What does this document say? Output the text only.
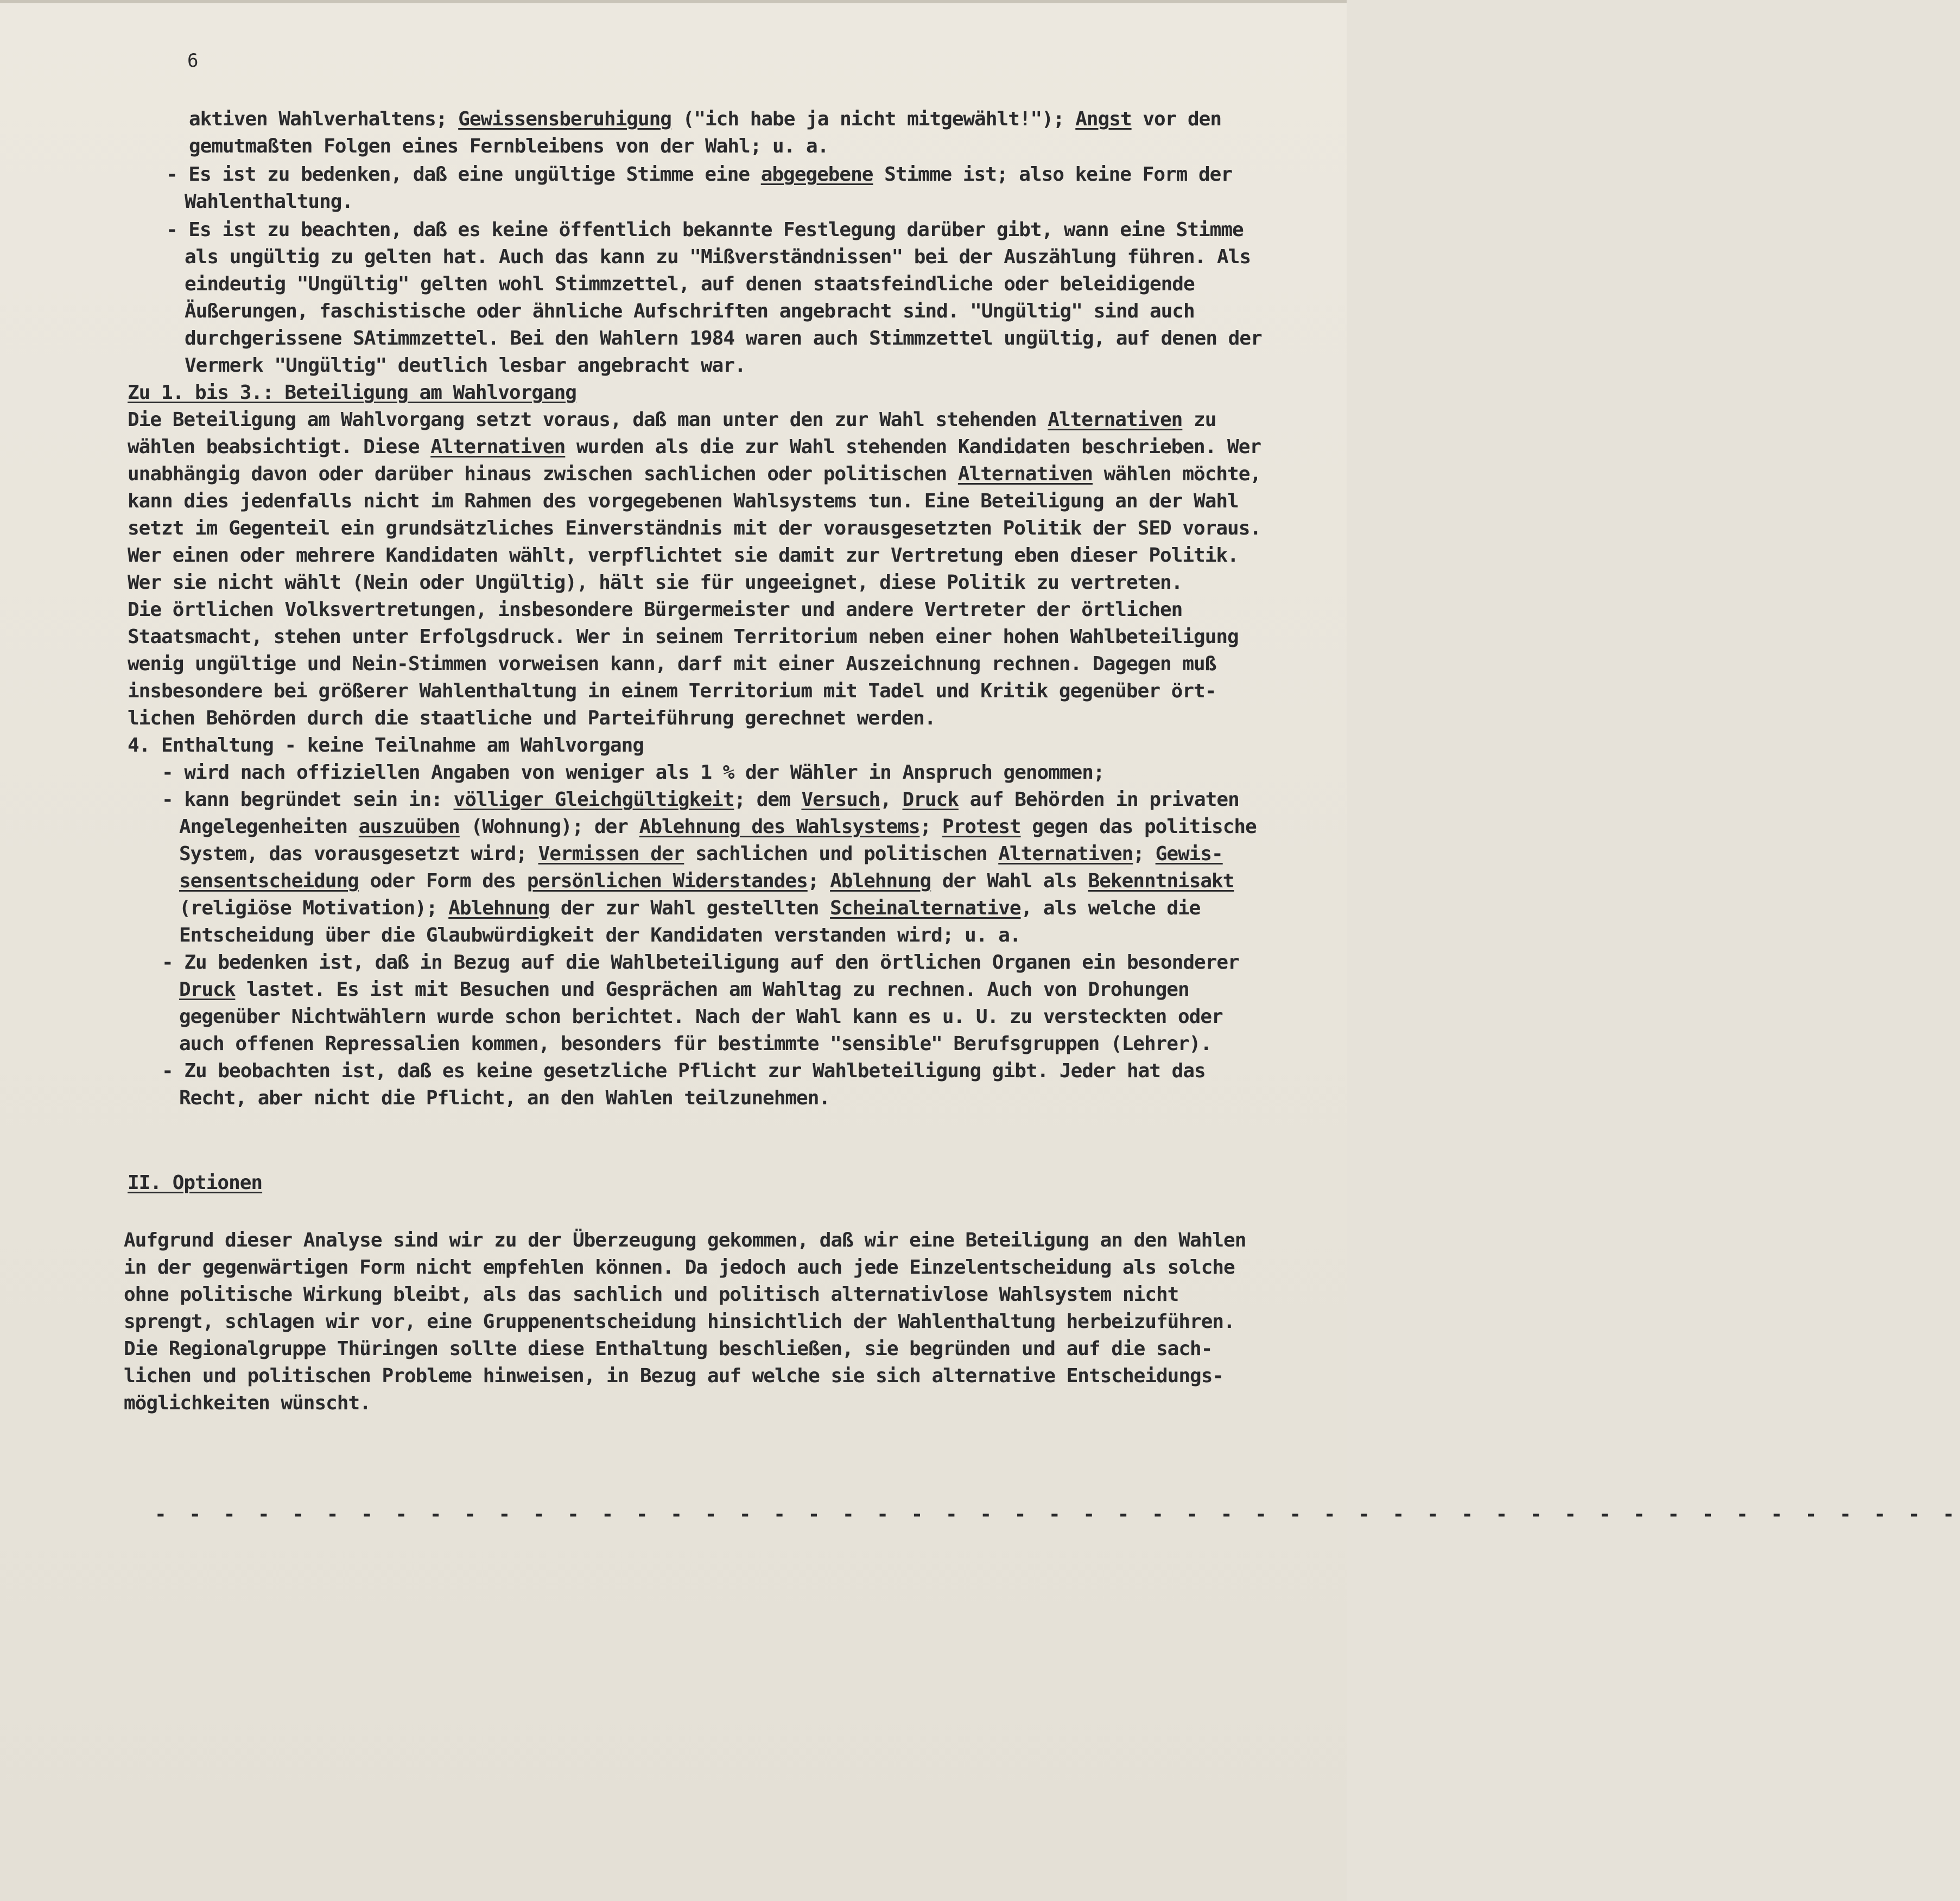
6
aktiven Wahlverhaltens; Gewissensberuhigung ("ich habe ja nicht mitgewählt!"); Angst vor den
gemutmaßten Folgen eines Fernbleibens von der Wahl; u. a.
- Es ist zu bedenken, daß eine ungültige Stimme eine abgegebene Stimme ist; also keine Form der
Wahlenthaltung.
- Es ist zu beachten, daß es keine öffentlich bekannte Festlegung darüber gibt, wann eine Stimme
als ungültig zu gelten hat. Auch das kann zu "Mißverständnissen" bei der Auszählung führen. Als
eindeutig "Ungültig" gelten wohl Stimmzettel, auf denen staatsfeindliche oder beleidigende
Äußerungen, faschistische oder ähnliche Aufschriften angebracht sind. "Ungültig" sind auch
durchgerissene SAtimmzettel. Bei den Wahlern 1984 waren auch Stimmzettel ungültig, auf denen der
Vermerk "Ungültig" deutlich lesbar angebracht war.
Zu 1. bis 3.: Beteiligung am Wahlvorgang
Die Beteiligung am Wahlvorgang setzt voraus, daß man unter den zur Wahl stehenden Alternativen zu
wählen beabsichtigt. Diese Alternativen wurden als die zur Wahl stehenden Kandidaten beschrieben. Wer
unabhängig davon oder darüber hinaus zwischen sachlichen oder politischen Alternativen wählen möchte,
kann dies jedenfalls nicht im Rahmen des vorgegebenen Wahlsystems tun. Eine Beteiligung an der Wahl
setzt im Gegenteil ein grundsätzliches Einverständnis mit der vorausgesetzten Politik der SED voraus.
Wer einen oder mehrere Kandidaten wählt, verpflichtet sie damit zur Vertretung eben dieser Politik.
Wer sie nicht wählt (Nein oder Ungültig), hält sie für ungeeignet, diese Politik zu vertreten.
Die örtlichen Volksvertretungen, insbesondere Bürgermeister und andere Vertreter der örtlichen
Staatsmacht, stehen unter Erfolgsdruck. Wer in seinem Territorium neben einer hohen Wahlbeteiligung
wenig ungültige und Nein-Stimmen vorweisen kann, darf mit einer Auszeichnung rechnen. Dagegen muß
insbesondere bei größerer Wahlenthaltung in einem Territorium mit Tadel und Kritik gegenüber ört-
lichen Behörden durch die staatliche und Parteiführung gerechnet werden.
4. Enthaltung - keine Teilnahme am Wahlvorgang
- wird nach offiziellen Angaben von weniger als 1 % der Wähler in Anspruch genommen;
- kann begründet sein in: völliger Gleichgültigkeit; dem Versuch, Druck auf Behörden in privaten
Angelegenheiten auszuüben (Wohnung); der Ablehnung des Wahlsystems; Protest gegen das politische
System, das vorausgesetzt wird; Vermissen der sachlichen und politischen Alternativen; Gewis-
sensentscheidung oder Form des persönlichen Widerstandes; Ablehnung der Wahl als Bekenntnisakt
(religiöse Motivation); Ablehnung der zur Wahl gestellten Scheinalternative, als welche die
Entscheidung über die Glaubwürdigkeit der Kandidaten verstanden wird; u. a.
- Zu bedenken ist, daß in Bezug auf die Wahlbeteiligung auf den örtlichen Organen ein besonderer
Druck lastet. Es ist mit Besuchen und Gesprächen am Wahltag zu rechnen. Auch von Drohungen
gegenüber Nichtwählern wurde schon berichtet. Nach der Wahl kann es u. U. zu versteckten oder
auch offenen Repressalien kommen, besonders für bestimmte "sensible" Berufsgruppen (Lehrer).
- Zu beobachten ist, daß es keine gesetzliche Pflicht zur Wahlbeteiligung gibt. Jeder hat das
Recht, aber nicht die Pflicht, an den Wahlen teilzunehmen.
II. Optionen
Aufgrund dieser Analyse sind wir zu der Überzeugung gekommen, daß wir eine Beteiligung an den Wahlen
in der gegenwärtigen Form nicht empfehlen können. Da jedoch auch jede Einzelentscheidung als solche
ohne politische Wirkung bleibt, als das sachlich und politisch alternativlose Wahlsystem nicht
sprengt, schlagen wir vor, eine Gruppenentscheidung hinsichtlich der Wahlenthaltung herbeizuführen.
Die Regionalgruppe Thüringen sollte diese Enthaltung beschließen, sie begründen und auf die sach-
lichen und politischen Probleme hinweisen, in Bezug auf welche sie sich alternative Entscheidungs-
möglichkeiten wünscht.
- - - - - - - - - - - - - - - - - - - - - - - - - - - - - - - - - - - - - - - - - - - - - - - - - - - - -
